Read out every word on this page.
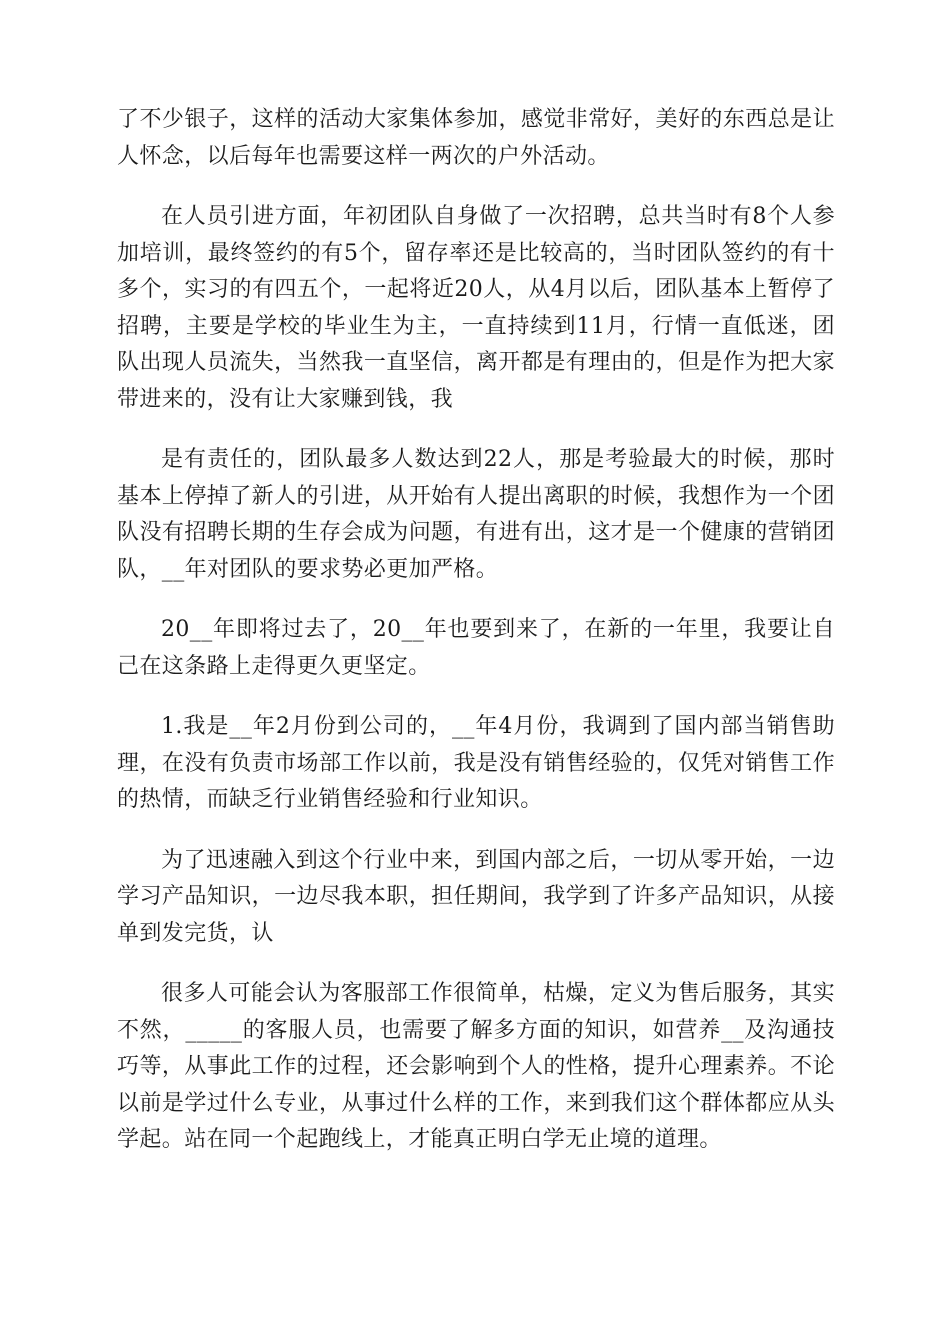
了不少银子，这样的活动大家集体参加，感觉非常好，美好的东西总是让人怀念，以后每年也需要这样一两次的户外活动。

在人员引进方面，年初团队自身做了一次招聘，总共当时有8个人参加培训，最终签约的有5个，留存率还是比较高的，当时团队签约的有十多个，实习的有四五个，一起将近20人，从4月以后，团队基本上暂停了招聘，主要是学校的毕业生为主，一直持续到11月，行情一直低迷，团队出现人员流失，当然我一直坚信，离开都是有理由的，但是作为把大家带进来的，没有让大家赚到钱，我

是有责任的，团队最多人数达到22人，那是考验最大的时候，那时基本上停掉了新人的引进，从开始有人提出离职的时候，我想作为一个团队没有招聘长期的生存会成为问题，有进有出，这才是一个健康的营销团队，__年对团队的要求势必更加严格。

20__年即将过去了，20__年也要到来了，在新的一年里，我要让自己在这条路上走得更久更坚定。

1.我是__年2月份到公司的，__年4月份，我调到了国内部当销售助理，在没有负责市场部工作以前，我是没有销售经验的，仅凭对销售工作的热情，而缺乏行业销售经验和行业知识。

为了迅速融入到这个行业中来，到国内部之后，一切从零开始，一边学习产品知识，一边尽我本职，担任期间，我学到了许多产品知识，从接单到发完货，认

很多人可能会认为客服部工作很简单，枯燥，定义为售后服务，其实不然，_____的客服人员，也需要了解多方面的知识，如营养__及沟通技巧等，从事此工作的过程，还会影响到个人的性格，提升心理素养。不论以前是学过什么专业，从事过什么样的工作，来到我们这个群体都应从头学起。站在同一个起跑线上，才能真正明白学无止境的道理。
